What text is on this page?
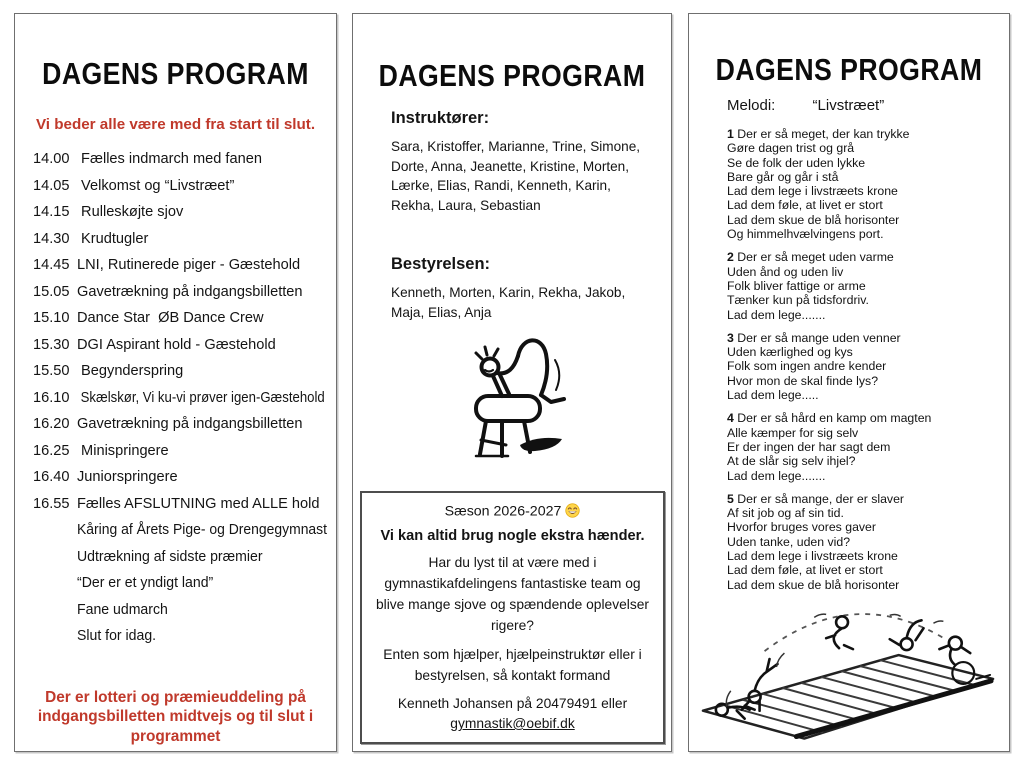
DAGENS PROGRAM
Vi beder alle være med fra start til slut.
14.00 Fælles indmarch med fanen
14.05 Velkomst og “Livstræet”
14.15 Rulleskøjte sjov
14.30 Krudtugler
14.45 LNI, Rutinerede piger - Gæstehold
15.05 Gavetrækning på indgangsbilletten
15.10 Dance Star  ØB Dance Crew
15.30 DGI Aspirant hold - Gæstehold
15.50 Begynderspring
16.10 Skælskør, Vi ku-vi prøver igen-Gæstehold
16.20 Gavetrækning på indgangsbilletten
16.25 Minispringere
16.40 Juniorspringere
16.55 Fælles AFSLUTNING med ALLE hold
Kåring af Årets Pige- og Drengegymnast
Udtrækning af sidste præmier
“Der er et yndigt land”
Fane udmarch
Slut for idag.
Der er lotteri og præmieuddeling på indgangsbilletten midtvejs og til slut i programmet
DAGENS PROGRAM
Instruktører:
Sara, Kristoffer, Marianne, Trine, Simone, Dorte, Anna, Jeanette, Kristine, Morten, Lærke, Elias, Randi, Kenneth, Karin, Rekha, Laura, Sebastian
Bestyrelsen:
Kenneth, Morten, Karin, Rekha, Jakob, Maja, Elias, Anja
Sæson 2026-2027
Vi kan altid brug nogle ekstra hænder.
Har du lyst til at være med i gymnastikafdelingens fantastiske team og blive mange sjove og spændende oplevelser rigere?
Enten som hjælper, hjælpeinstruktør eller i bestyrelsen, så kontakt formand
Kenneth Johansen på 20479491 eller
gymnastik@oebif.dk
DAGENS PROGRAM
Melodi: “Livstræet”

1 Der er så meget, der kan trykke
Gøre dagen trist og grå
Se de folk der uden lykke
Bare går og går i stå
Lad dem lege i livstræets krone
Lad dem føle, at livet er stort
Lad dem skue de blå horisonter
Og himmelhvælvingens port.

2 Der er så meget uden varme
Uden ånd og uden liv
Folk bliver fattige or arme
Tænker kun på tidsfordriv.
Lad dem lege.......

3 Der er så mange uden venner
Uden kærlighed og kys
Folk som ingen andre kender
Hvor mon de skal finde lys?
Lad dem lege.....

4 Der er så hård en kamp om magten
Alle kæmper for sig selv
Er der ingen der har sagt dem
At de slår sig selv ihjel?
Lad dem lege.......

5 Der er så mange, der er slaver
Af sit job og af sin tid.
Hvorfor bruges vores gaver
Uden tanke, uden vid?
Lad dem lege i livstræets krone
Lad dem føle, at livet er stort
Lad dem skue de blå horisonter
